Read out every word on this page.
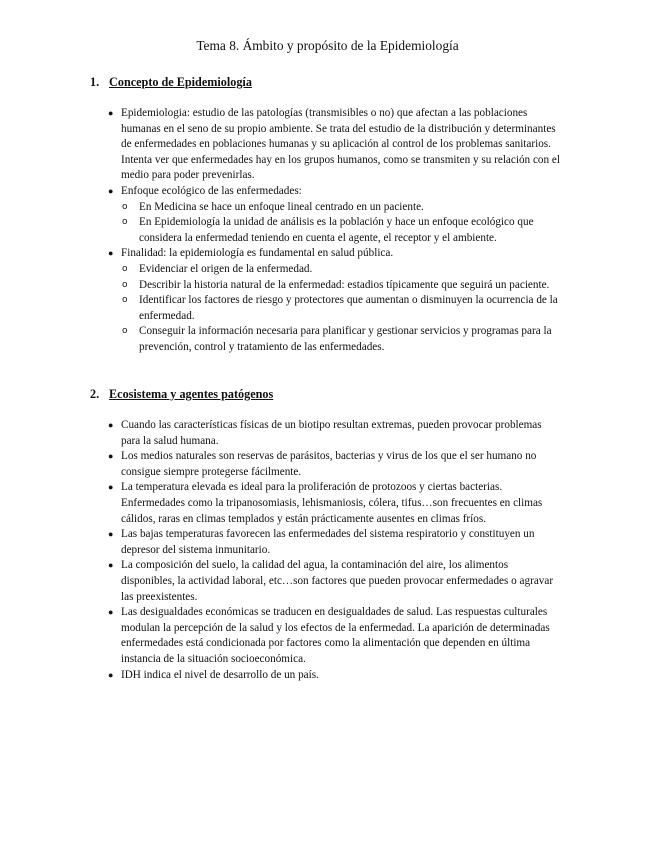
Tema 8. Ámbito y propósito de la Epidemiología
1. Concepto de Epidemiología
● Epidemiologia: estudio de las patologías (transmisibles o no) que afectan a las poblaciones humanas en el seno de su propio ambiente. Se trata del estudio de la distribución y determinantes de enfermedades en poblaciones humanas y su aplicación al control de los problemas sanitarios. Intenta ver que enfermedades hay en los grupos humanos, como se transmiten y su relación con el medio para poder prevenirlas.
● Enfoque ecológico de las enfermedades:
o En Medicina se hace un enfoque lineal centrado en un paciente.
o En Epidemiología la unidad de análisis es la población y hace un enfoque ecológico que considera la enfermedad teniendo en cuenta el agente, el receptor y el ambiente.
● Finalidad: la epidemiología es fundamental en salud pública.
o Evidenciar el origen de la enfermedad.
o Describir la historia natural de la enfermedad: estadios típicamente que seguirá un paciente.
o Identificar los factores de riesgo y protectores que aumentan o disminuyen la ocurrencia de la enfermedad.
o Conseguir la información necesaria para planificar y gestionar servicios y programas para la prevención, control y tratamiento de las enfermedades.
2. Ecosistema y agentes patógenos
● Cuando las características físicas de un biotipo resultan extremas, pueden provocar problemas para la salud humana.
● Los medios naturales son reservas de parásitos, bacterias y virus de los que el ser humano no consigue siempre protegerse fácilmente.
● La temperatura elevada es ideal para la proliferación de protozoos y ciertas bacterias. Enfermedades como la tripanosomiasis, lehismaniosis, cólera, tifus…son frecuentes en climas cálidos, raras en climas templados y están prácticamente ausentes en climas fríos.
● Las bajas temperaturas favorecen las enfermedades del sistema respiratorio y constituyen un depresor del sistema inmunitario.
● La composición del suelo, la calidad del agua, la contaminación del aire, los alimentos disponibles, la actividad laboral, etc…son factores que pueden provocar enfermedades o agravar las preexistentes.
● Las desigualdades económicas se traducen en desigualdades de salud. Las respuestas culturales modulan la percepción de la salud y los efectos de la enfermedad. La aparición de determinadas enfermedades está condicionada por factores como la alimentación que dependen en última instancia de la situación socioeconómica.
● IDH indica el nivel de desarrollo de un país.
